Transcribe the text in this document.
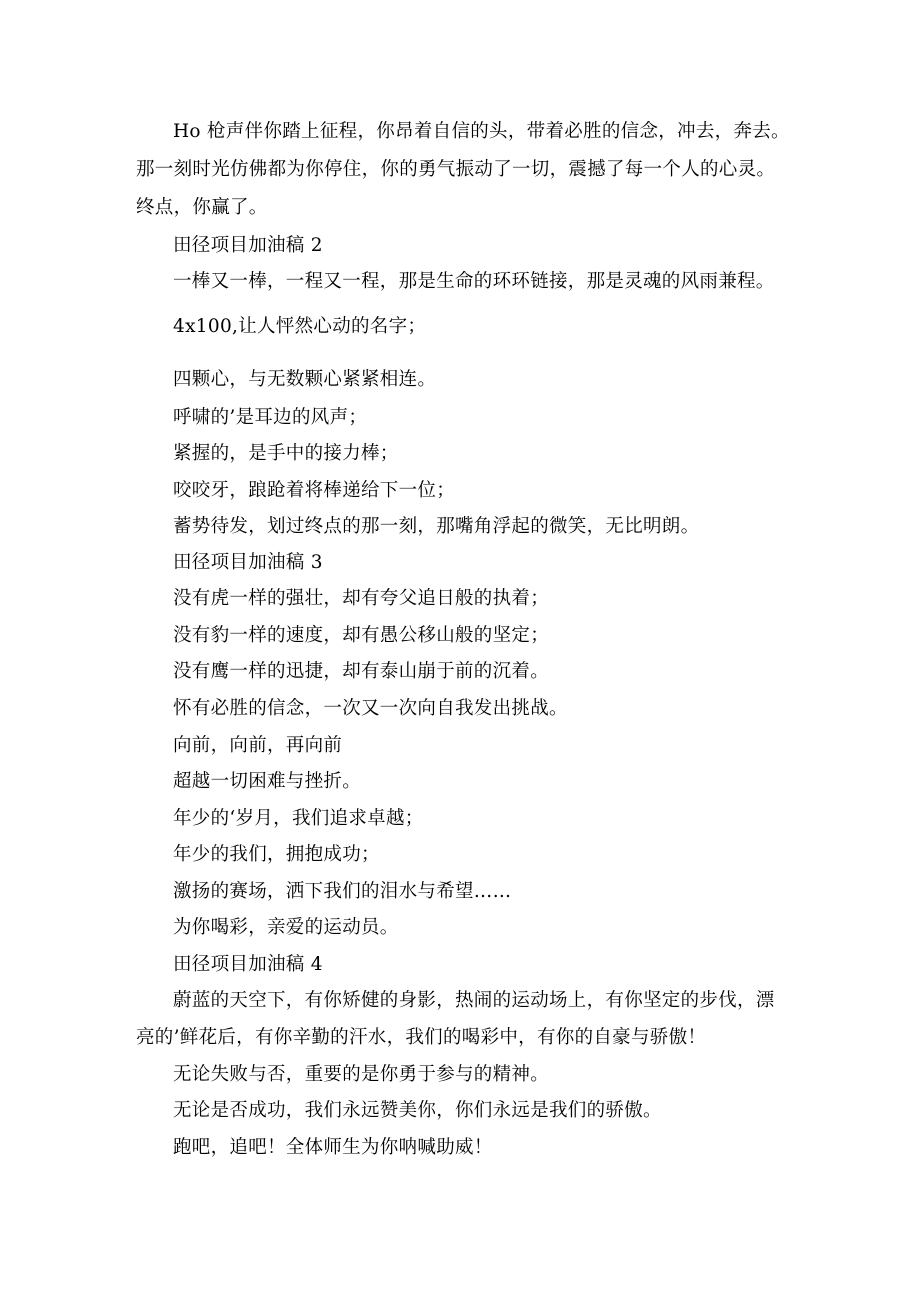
Ho 枪声伴你踏上征程，你昂着自信的头，带着必胜的信念，冲去，奔去。
那一刻时光仿佛都为你停住，你的勇气振动了一切，震撼了每一个人的心灵。
终点，你赢了。
田径项目加油稿 2
一棒又一棒，一程又一程，那是生命的环环链接，那是灵魂的风雨兼程。
4x100,让人怦然心动的名字；
四颗心，与无数颗心紧紧相连。
呼啸的’是耳边的风声；
紧握的，是手中的接力棒；
咬咬牙，踉跄着将棒递给下一位；
蓄势待发，划过终点的那一刻，那嘴角浮起的微笑，无比明朗。
田径项目加油稿 3
没有虎一样的强壮，却有夸父追日般的执着；
没有豹一样的速度，却有愚公移山般的坚定；
没有鹰一样的迅捷，却有泰山崩于前的沉着。
怀有必胜的信念，一次又一次向自我发出挑战。
向前，向前，再向前
超越一切困难与挫折。
年少的‘岁月，我们追求卓越；
年少的我们，拥抱成功；
激扬的赛场，洒下我们的泪水与希望……
为你喝彩，亲爱的运动员。
田径项目加油稿 4
蔚蓝的天空下，有你矫健的身影，热闹的运动场上，有你坚定的步伐，漂
亮的’鲜花后，有你辛勤的汗水，我们的喝彩中，有你的自豪与骄傲！
无论失败与否，重要的是你勇于参与的精神。
无论是否成功，我们永远赞美你，你们永远是我们的骄傲。
跑吧，追吧！全体师生为你呐喊助威！
